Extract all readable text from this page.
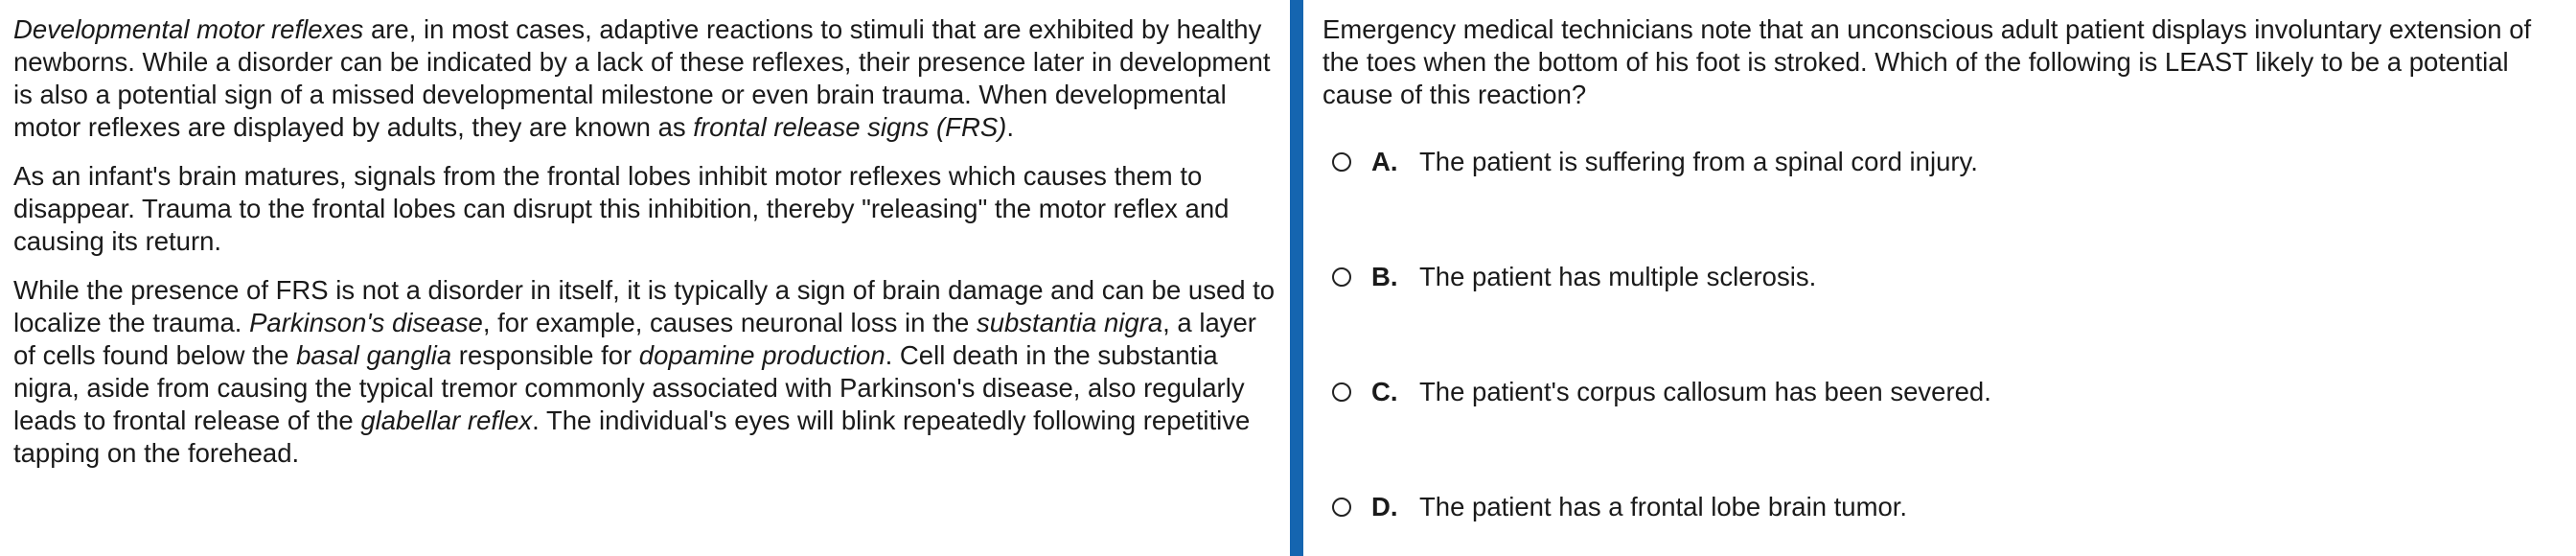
Developmental motor reflexes are, in most cases, adaptive reactions to stimuli that are exhibited by healthy newborns. While a disorder can be indicated by a lack of these reflexes, their presence later in development is also a potential sign of a missed developmental milestone or even brain trauma. When developmental motor reflexes are displayed by adults, they are known as frontal release signs (FRS).

As an infant's brain matures, signals from the frontal lobes inhibit motor reflexes which causes them to disappear. Trauma to the frontal lobes can disrupt this inhibition, thereby "releasing" the motor reflex and causing its return.

While the presence of FRS is not a disorder in itself, it is typically a sign of brain damage and can be used to localize the trauma. Parkinson's disease, for example, causes neuronal loss in the substantia nigra, a layer of cells found below the basal ganglia responsible for dopamine production. Cell death in the substantia nigra, aside from causing the typical tremor commonly associated with Parkinson's disease, also regularly leads to frontal release of the glabellar reflex. The individual's eyes will blink repeatedly following repetitive tapping on the forehead.

Emergency medical technicians note that an unconscious adult patient displays involuntary extension of the toes when the bottom of his foot is stroked. Which of the following is LEAST likely to be a potential cause of this reaction?

A. The patient is suffering from a spinal cord injury.
B. The patient has multiple sclerosis.
C. The patient's corpus callosum has been severed.
D. The patient has a frontal lobe brain tumor.
